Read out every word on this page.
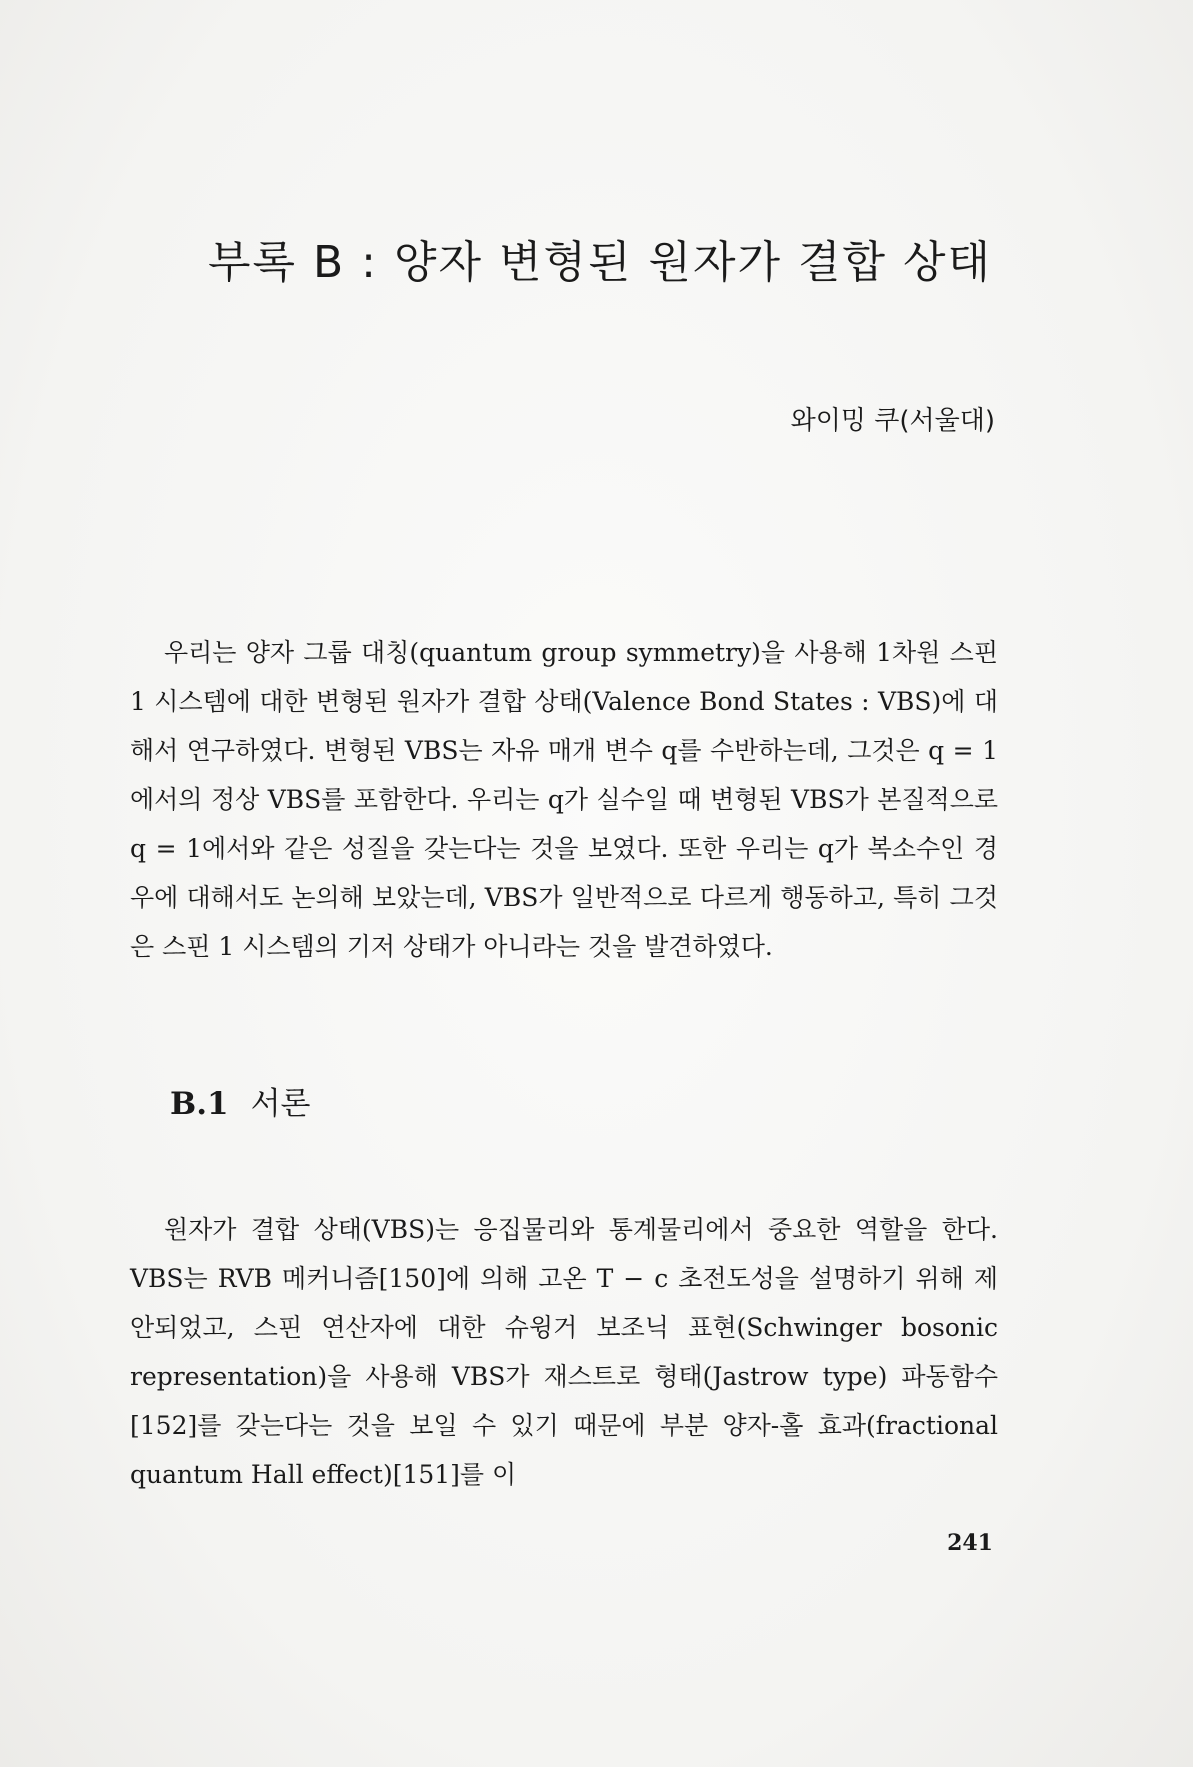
부록 B : 양자 변형된 원자가 결합 상태
와이밍 쿠(서울대)

우리는 양자 그룹 대칭(quantum group symmetry)을 사용해 1차원 스핀 1 시스템에 대한 변형된 원자가 결합 상태(Valence Bond States : VBS)에 대해서 연구하였다. 변형된 VBS는 자유 매개 변수 q를 수반하는데, 그것은 q = 1에서의 정상 VBS를 포함한다. 우리는 q가 실수일 때 변형된 VBS가 본질적으로 q = 1에서와 같은 성질을 갖는다는 것을 보였다. 또한 우리는 q가 복소수인 경우에 대해서도 논의해 보았는데, VBS가 일반적으로 다르게 행동하고, 특히 그것은 스핀 1 시스템의 기저 상태가 아니라는 것을 발견하였다.

B.1 서론

원자가 결합 상태(VBS)는 응집물리와 통계물리에서 중요한 역할을 한다. VBS는 RVB 메커니즘[150]에 의해 고온 T − c 초전도성을 설명하기 위해 제안되었고, 스핀 연산자에 대한 슈윙거 보조닉 표현(Schwinger bosonic representation)을 사용해 VBS가 재스트로 형태(Jastrow type) 파동함수[152]를 갖는다는 것을 보일 수 있기 때문에 부분 양자-홀 효과(fractional quantum Hall effect)[151]를 이

241
